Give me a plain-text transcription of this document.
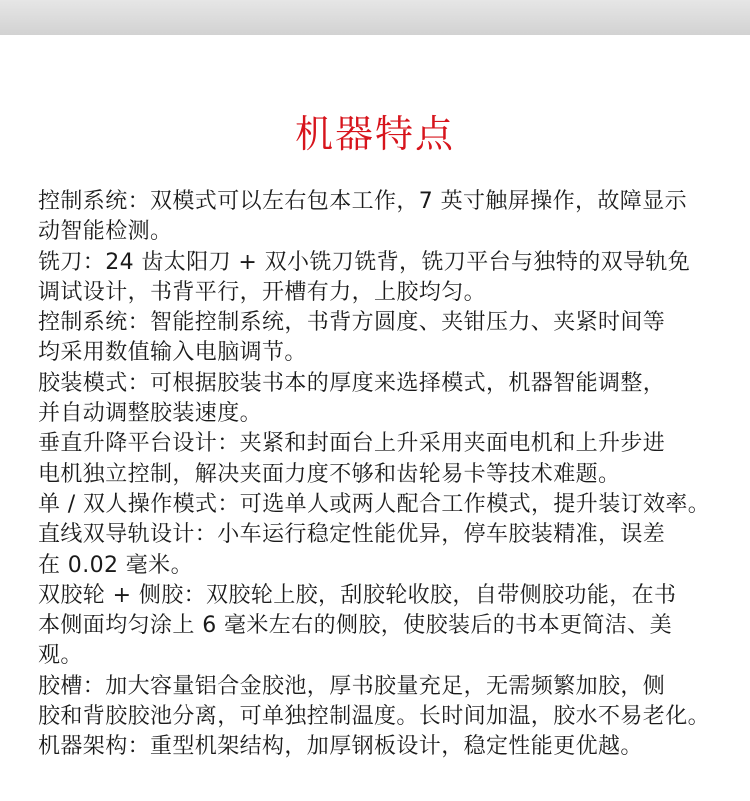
机器特点
控制系统：双模式可以左右包本工作，7 英寸触屏操作，故障显示
动智能检测。
铣刀：24 齿太阳刀 + 双小铣刀铣背，铣刀平台与独特的双导轨免
调试设计，书背平行，开槽有力，上胶均匀。
控制系统：智能控制系统，书背方圆度、夹钳压力、夹紧时间等
均采用数值输入电脑调节。
胶装模式：可根据胶装书本的厚度来选择模式，机器智能调整，
并自动调整胶装速度。
垂直升降平台设计：夹紧和封面台上升采用夹面电机和上升步进
电机独立控制，解决夹面力度不够和齿轮易卡等技术难题。
单 / 双人操作模式：可选单人或两人配合工作模式，提升装订效率。
直线双导轨设计：小车运行稳定性能优异，停车胶装精准，误差
在 0.02 毫米。
双胶轮 + 侧胶：双胶轮上胶，刮胶轮收胶，自带侧胶功能，在书
本侧面均匀涂上 6 毫米左右的侧胶，使胶装后的书本更简洁、美
观。
胶槽：加大容量铝合金胶池，厚书胶量充足，无需频繁加胶，侧
胶和背胶胶池分离，可单独控制温度。长时间加温，胶水不易老化。
机器架构：重型机架结构，加厚钢板设计，稳定性能更优越。
